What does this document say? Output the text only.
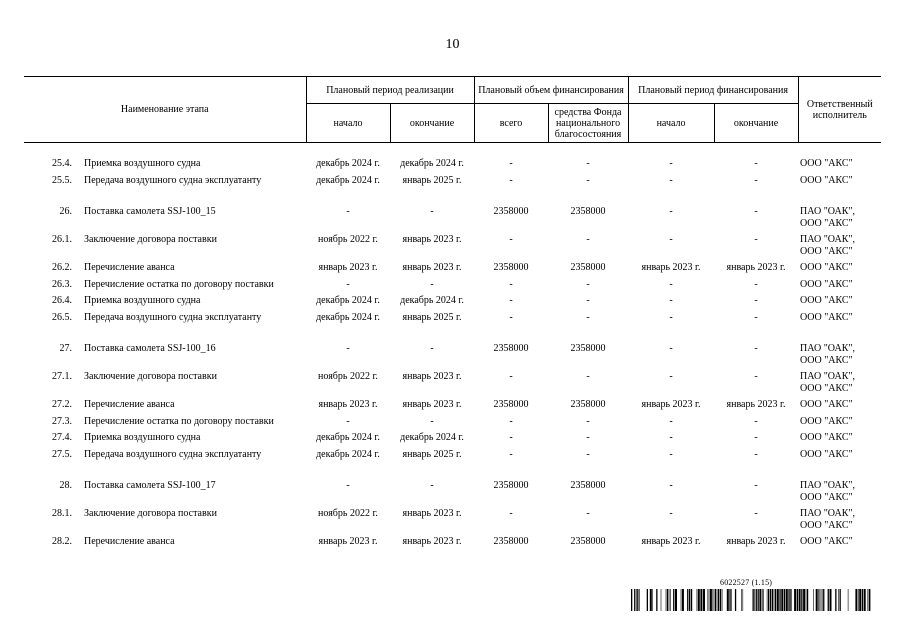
10
Наименование этапа		Плановый период реализации		Плановый объем финансирования		Плановый период финансирования		Ответственный исполнитель
		начало	окончание	всего	средства Фонда национального благосостояния	начало	окончание	

25.4.	Приемка воздушного судна	декабрь 2024 г.	декабрь 2024 г.	-	-	-	-	ООО "АКС"
25.5.	Передача воздушного судна эксплуатанту	декабрь 2024 г.	январь 2025 г.	-	-	-	-	ООО "АКС"

26.	Поставка самолета SSJ-100_15	-	-	2358000	2358000	-	-	ПАО "ОАК",
ООО "АКС"
26.1.	Заключение договора поставки	ноябрь 2022 г.	январь 2023 г.	-	-	-	-	ПАО "ОАК",
ООО "АКС"
26.2.	Перечисление аванса	январь 2023 г.	январь 2023 г.	2358000	2358000	январь 2023 г.	январь 2023 г.	ООО "АКС"
26.3.	Перечисление остатка по договору поставки	-	-	-	-	-	-	ООО "АКС"
26.4.	Приемка воздушного судна	декабрь 2024 г.	декабрь 2024 г.	-	-	-	-	ООО "АКС"
26.5.	Передача воздушного судна эксплуатанту	декабрь 2024 г.	январь 2025 г.	-	-	-	-	ООО "АКС"

27.	Поставка самолета SSJ-100_16	-	-	2358000	2358000	-	-	ПАО "ОАК",
ООО "АКС"
27.1.	Заключение договора поставки	ноябрь 2022 г.	январь 2023 г.	-	-	-	-	ПАО "ОАК",
ООО "АКС"
27.2.	Перечисление аванса	январь 2023 г.	январь 2023 г.	2358000	2358000	январь 2023 г.	январь 2023 г.	ООО "АКС"
27.3.	Перечисление остатка по договору поставки	-	-	-	-	-	-	ООО "АКС"
27.4.	Приемка воздушного судна	декабрь 2024 г.	декабрь 2024 г.	-	-	-	-	ООО "АКС"
27.5.	Передача воздушного судна эксплуатанту	декабрь 2024 г.	январь 2025 г.	-	-	-	-	ООО "АКС"

28.	Поставка самолета SSJ-100_17	-	-	2358000	2358000	-	-	ПАО "ОАК",
ООО "АКС"
28.1.	Заключение договора поставки	ноябрь 2022 г.	январь 2023 г.	-	-	-	-	ПАО "ОАК",
ООО "АКС"
28.2.	Перечисление аванса	январь 2023 г.	январь 2023 г.	2358000	2358000	январь 2023 г.	январь 2023 г.	ООО "АКС"
6022527 (1.15)
